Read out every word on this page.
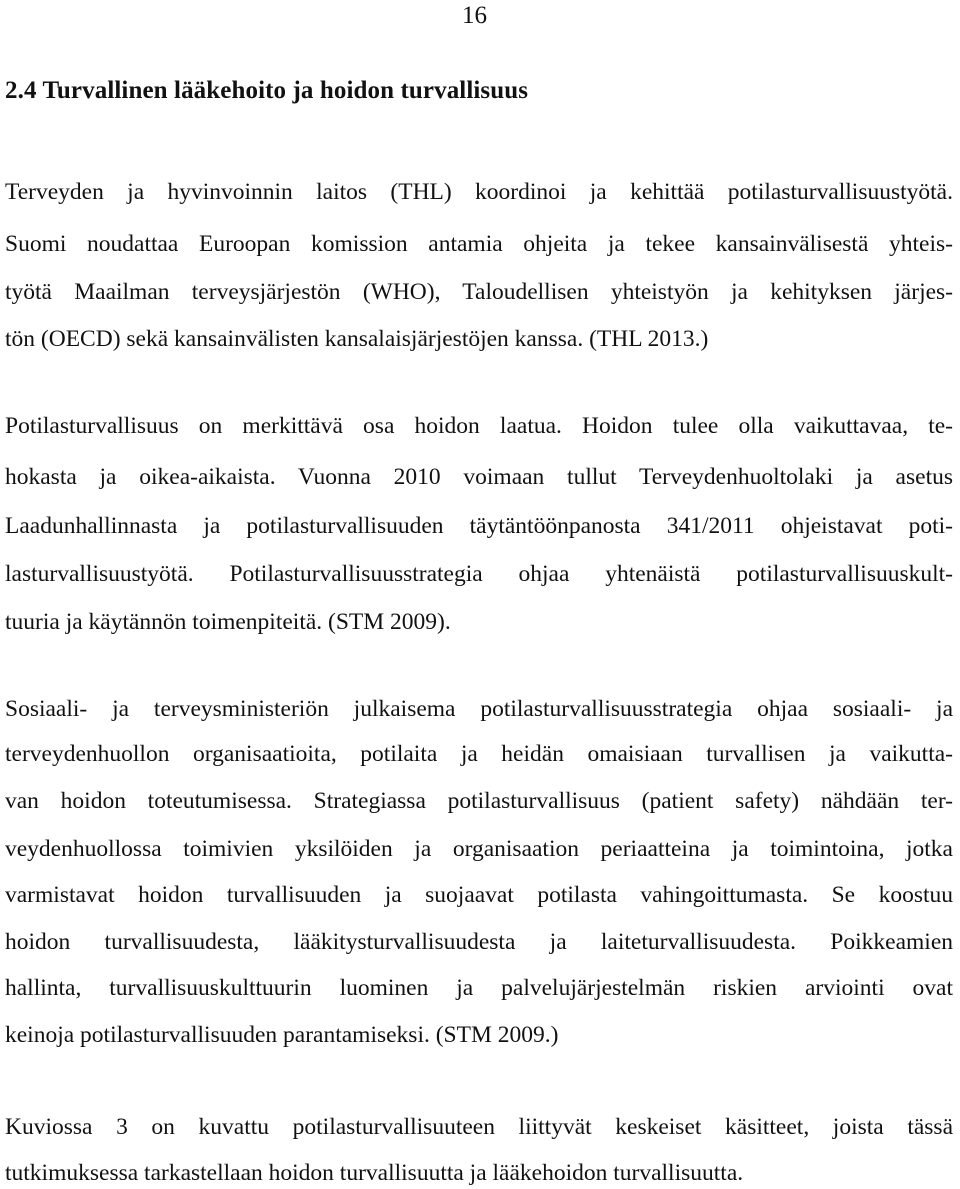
16
2.4 Turvallinen lääkehoito ja hoidon turvallisuus
Terveyden ja hyvinvoinnin laitos (THL) koordinoi ja kehittää potilasturvallisuustyötä.
Suomi noudattaa Euroopan komission antamia ohjeita ja tekee kansainvälisestä yhteis-
työtä Maailman terveysjärjestön (WHO), Taloudellisen yhteistyön ja kehityksen järjes-
tön (OECD) sekä kansainvälisten kansalaisjärjestöjen kanssa. (THL 2013.)
Potilasturvallisuus on merkittävä osa hoidon laatua. Hoidon tulee olla vaikuttavaa, te-
hokasta ja oikea-aikaista. Vuonna 2010 voimaan tullut Terveydenhuoltolaki ja asetus
Laadunhallinnasta ja potilasturvallisuuden täytäntöönpanosta 341/2011 ohjeistavat poti-
lasturvallisuustyötä. Potilasturvallisuusstrategia ohjaa yhtenäistä potilasturvallisuuskult-
tuuria ja käytännön toimenpiteitä. (STM 2009).
Sosiaali- ja terveysministeriön julkaisema potilasturvallisuusstrategia ohjaa sosiaali- ja
terveydenhuollon organisaatioita, potilaita ja heidän omaisiaan turvallisen ja vaikutta-
van hoidon toteutumisessa. Strategiassa potilasturvallisuus (patient safety) nähdään ter-
veydenhuollossa toimivien yksilöiden ja organisaation periaatteina ja toimintoina, jotka
varmistavat hoidon turvallisuuden ja suojaavat potilasta vahingoittumasta. Se koostuu
hoidon turvallisuudesta, lääkitysturvallisuudesta ja laiteturvallisuudesta. Poikkeamien
hallinta, turvallisuuskulttuurin luominen ja palvelujärjestelmän riskien arviointi ovat
keinoja potilasturvallisuuden parantamiseksi. (STM 2009.)
Kuviossa 3 on kuvattu potilasturvallisuuteen liittyvät keskeiset käsitteet, joista tässä
tutkimuksessa tarkastellaan hoidon turvallisuutta ja lääkehoidon turvallisuutta.
